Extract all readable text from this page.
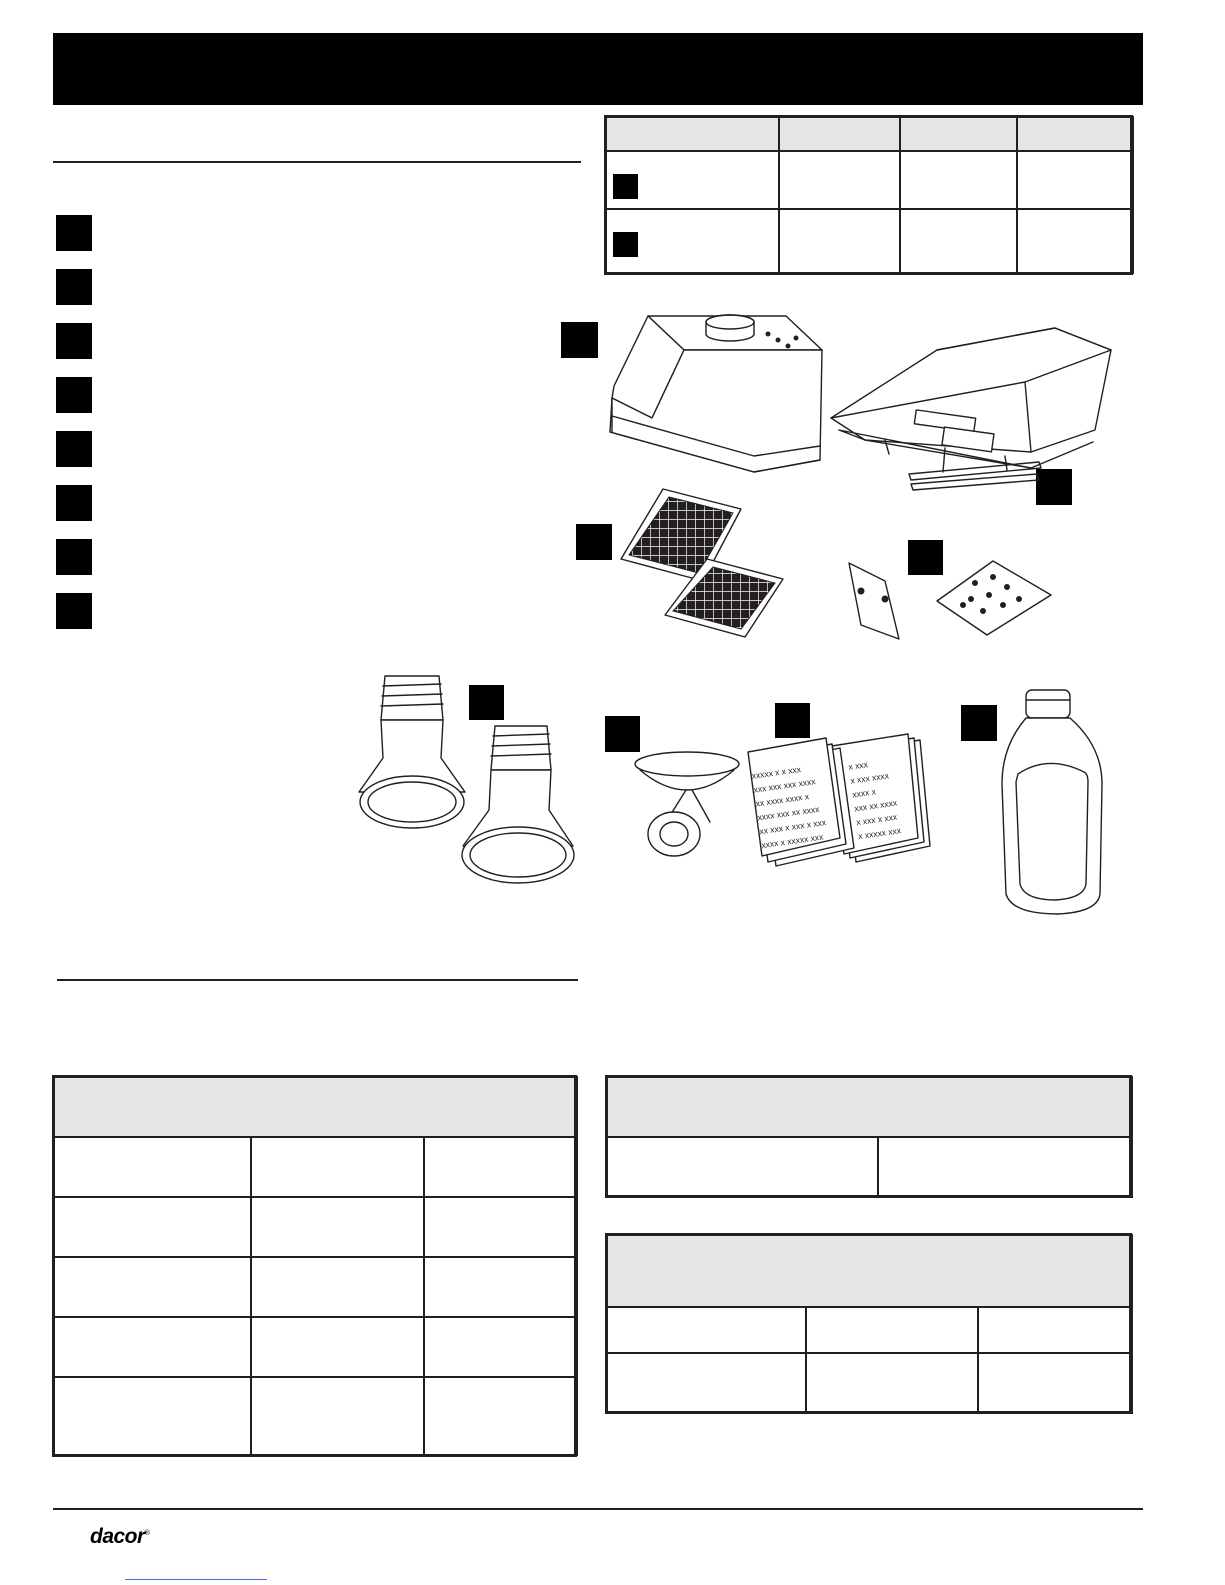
xxxxx x x xxx
xxx xxx xxx xxxx
xx xxxx xxxx x
xxxx xxx xx xxxx
xx xxx x xxx x xxx
xxxx x xxxxx xxx
x xxx
x xxx xxxx
xxxx x
xxx xx xxxx
x xxx x xxx
x xxxxx xxx

dacor®
